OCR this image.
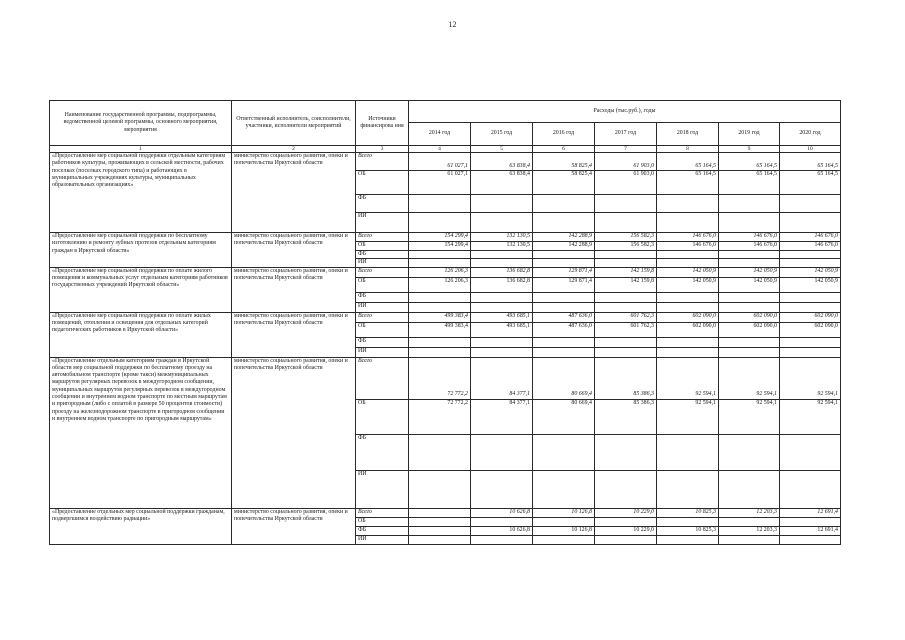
12
Наименование государственной программы, подпрограммы, ведомственной целевой программы, основного мероприятия, мероприятия	Ответственный исполнитель, соисполнители, участники, исполнители мероприятий	Источники финансирова ния	Расходы (тыс.руб.), годы						
			2014 год	2015 год	2016 год	2017 год	2018 год	2019 год	2020 год
1	2	3	4	5	6	7	8	9	10
«Предоставление мер социальной поддержки отдельным категориям работников культуры, проживающих в сельской местности, рабочих поселках (поселках городского типа) и работающих в муниципальных учреждениях культуры, муниципальных образовательных организациях»	министерство социального развития, опеки и попечительства Иркутской области	Всего	61 027,1	63 838,4	58 825,4	61 903,0	65 164,5	65 164,5	65 164,5
		ОБ	61 027,1	63 838,4	58 825,4	61 903,0	65 164,5	65 164,5	65 164,5
		ФБ							
		ИИ							
«Предоставление мер социальной поддержки по бесплатному изготовлению и ремонту зубных протезов отдельным категориям граждан в Иркутской области»	министерство социального развития, опеки и попечительства Иркутской области	Всего	154 299,4	132 130,5	142 288,9	156 582,3	146 676,0	146 676,0	146 676,0
		ОБ	154 299,4	132 130,5	142 288,9	156 582,3	146 676,0	146 676,0	146 676,0
		ФБ							
		ИИ							
«Предоставление мер социальной поддержки по оплате жилого помещения и коммунальных услуг отдельным категориям работников государственных учреждений Иркутской области»	министерство социального развития, опеки и попечительства Иркутской области	Всего	126 206,3	136 682,8	129 871,4	142 159,8	142 050,9	142 050,9	142 050,9
		ОБ	126 206,3	136 682,8	129 871,4	142 159,8	142 050,9	142 050,9	142 050,9
		ФБ							
		ИИ							
«Предоставление мер социальной поддержки по оплате жилых помещений, отопления и освещения для отдельных категорий педагогических работников в Иркутской области»	министерство социального развития, опеки и попечительства Иркутской области	Всего	499 383,4	493 685,1	487 636,0	601 762,3	602 090,0	602 090,0	602 090,0
		ОБ	499 383,4	493 685,1	487 636,0	601 762,3	602 090,0	602 090,0	602 090,0
		ФБ							
		ИИ							
«Предоставление отдельным категориям граждан в Иркутской области мер социальной поддержки по бесплатному проезду на автомобильном транспорте (кроме такси) межмуниципальных маршрутов регулярных перевозок в междугородном сообщении, муниципальных маршрутов регулярных перевозок в междугородном сообщении и внутреннем водном транспорте по местным маршрутам и пригородным (либо с оплатой в размере 50 процентов стоимости) проезду на железнодорожном транспорте в пригородном сообщении и внутреннем водном транспорте по пригородным маршрутам»	министерство социального развития, опеки и попечительства Иркутской области	Всего	72 772,2	84 377,1	80 669,4	85 386,3	92 594,1	92 594,1	92 594,1
		ОБ	72 772,2	84 377,1	80 669,4	85 386,3	92 594,1	92 594,1	92 594,1
		ФБ							
		ИИ							
«Предоставление отдельных мер социальной поддержки гражданам, подвергшимся воздействию радиации»	министерство социального развития, опеки и попечительства Иркутской области	Всего		10 626,8	10 126,8	10 229,0	10 825,3	12 203,3	12 691,4
		ОБ							
		ФБ		10 626,8	10 126,8	10 229,0	10 825,3	12 203,3	12 691,4
		ИИ							
